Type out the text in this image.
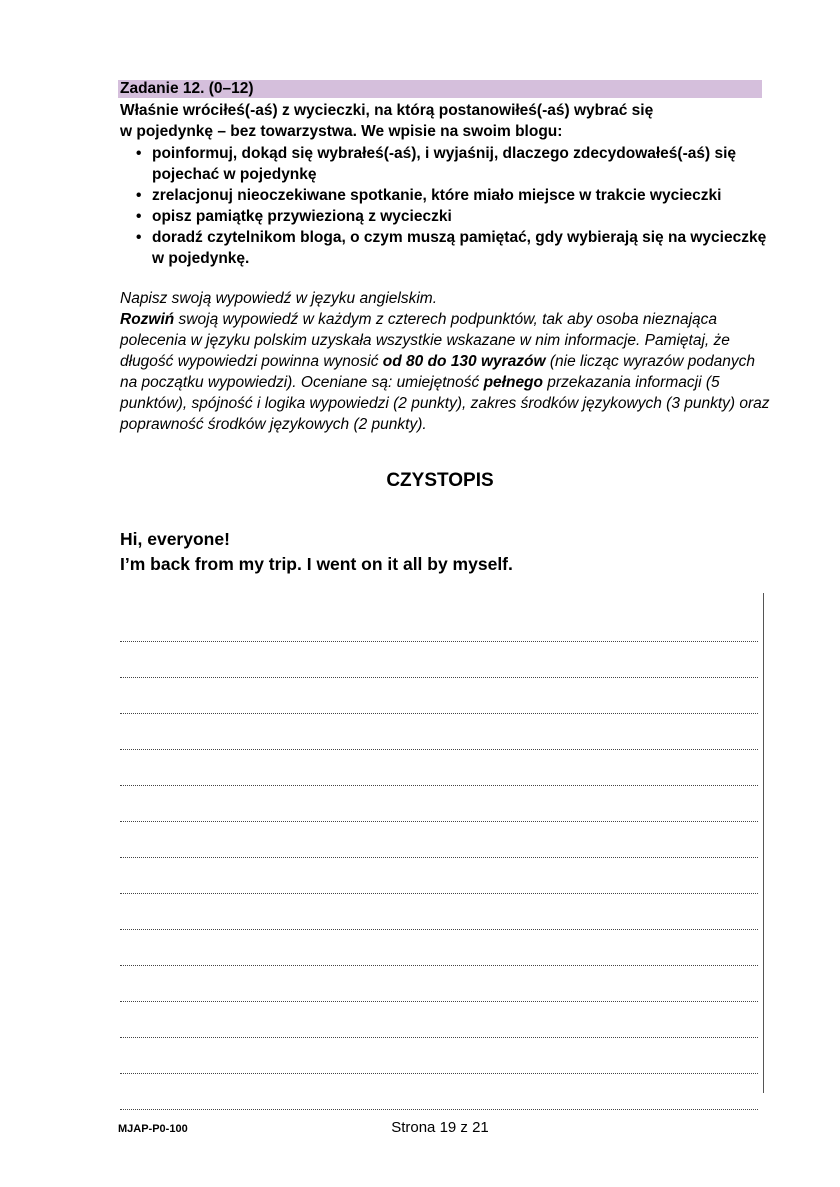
Zadanie 12. (0–12)

Właśnie wróciłeś(-aś) z wycieczki, na którą postanowiłeś(-aś) wybrać się
w pojedynkę – bez towarzystwa. We wpisie na swoim blogu:

• poinformuj, dokąd się wybrałeś(-aś), i wyjaśnij, dlaczego zdecydowałeś(-aś) się pojechać w pojedynkę
• zrelacjonuj nieoczekiwane spotkanie, które miało miejsce w trakcie wycieczki
• opisz pamiątkę przywiezioną z wycieczki
• doradź czytelnikom bloga, o czym muszą pamiętać, gdy wybierają się na wycieczkę w pojedynkę.

Napisz swoją wypowiedź w języku angielskim.

Rozwiń swoją wypowiedź w każdym z czterech podpunktów, tak aby osoba nieznająca polecenia w języku polskim uzyskała wszystkie wskazane w nim informacje. Pamiętaj, że długość wypowiedzi powinna wynosić od 80 do 130 wyrazów (nie licząc wyrazów podanych na początku wypowiedzi). Oceniane są: umiejętność pełnego przekazania informacji (5 punktów), spójność i logika wypowiedzi (2 punkty), zakres środków językowych (3 punkty) oraz poprawność środków językowych (2 punkty).

CZYSTOPIS
Hi, everyone!
I’m back from my trip. I went on it all by myself.
MJAP-P0-100	Strona 19 z 21
